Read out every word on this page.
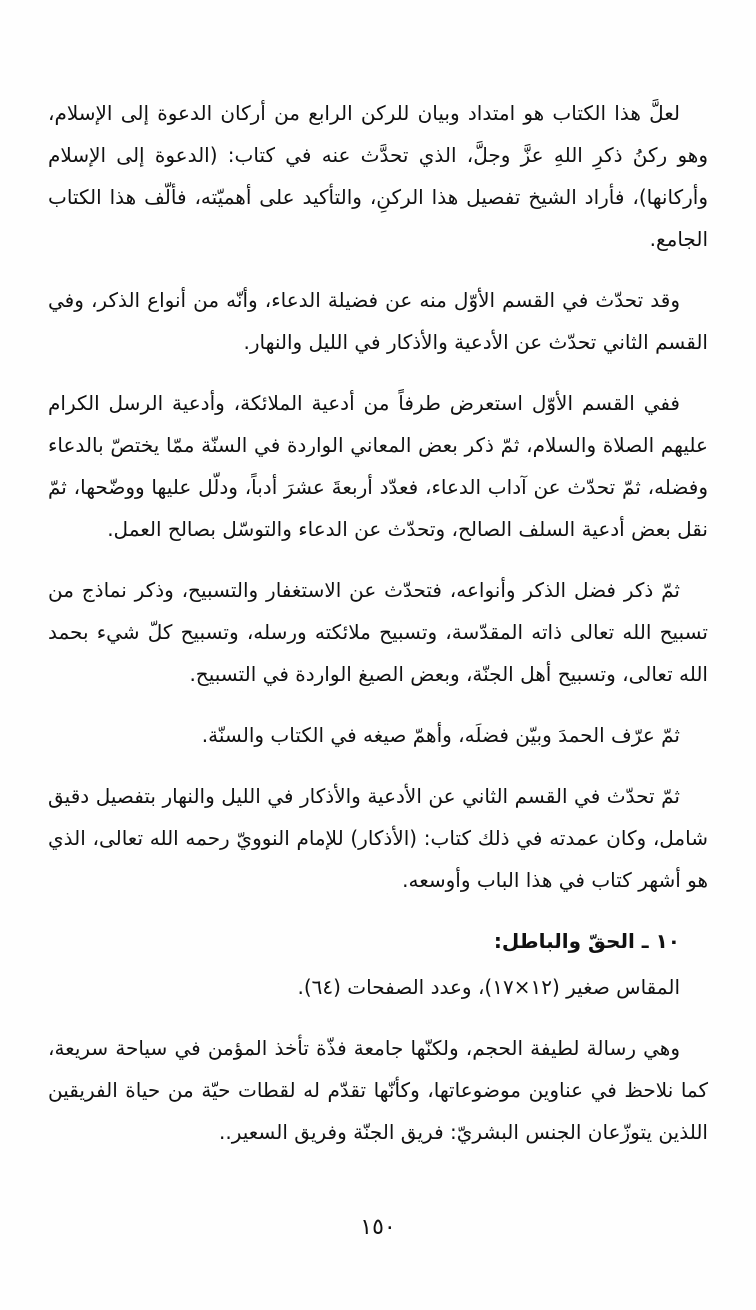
لعلَّ هذا الكتاب هو امتداد وبيان للركن الرابع من أركان الدعوة إلى الإسلام، وهو ركنُ ذكرِ اللهِ عزَّ وجلَّ، الذي تحدَّث عنه في كتاب: (الدعوة إلى الإسلام وأركانها)، فأراد الشيخ تفصيل هذا الركنِ، والتأكيد على أهميّته، فألّف هذا الكتاب الجامع.

وقد تحدّث في القسم الأوّل منه عن فضيلة الدعاء، وأنّه من أنواع الذكر، وفي القسم الثاني تحدّث عن الأدعية والأذكار في الليل والنهار.

ففي القسم الأوّل استعرض طرفاً من أدعية الملائكة، وأدعية الرسل الكرام عليهم الصلاة والسلام، ثمّ ذكر بعض المعاني الواردة في السنّة ممّا يختصّ بالدعاء وفضله، ثمّ تحدّث عن آداب الدعاء، فعدّد أربعةَ عشرَ أدباً، ودلّل عليها ووضّحها، ثمّ نقل بعض أدعية السلف الصالح، وتحدّث عن الدعاء والتوسّل بصالح العمل.

ثمّ ذكر فضل الذكر وأنواعه، فتحدّث عن الاستغفار والتسبيح، وذكر نماذج من تسبيح الله تعالى ذاته المقدّسة، وتسبيح ملائكته ورسله، وتسبيح كلّ شيء بحمد الله تعالى، وتسبيح أهل الجنّة، وبعض الصيغ الواردة في التسبيح.

ثمّ عرّف الحمدَ وبيّن فضلَه، وأهمّ صيغه في الكتاب والسنّة.

ثمّ تحدّث في القسم الثاني عن الأدعية والأذكار في الليل والنهار بتفصيل دقيق شامل، وكان عمدته في ذلك كتاب: (الأذكار) للإمام النوويّ رحمه الله تعالى، الذي هو أشهر كتاب في هذا الباب وأوسعه.

١٠ ـ الحقّ والباطل:

المقاس صغير (١٢×١٧)، وعدد الصفحات (٦٤).

وهي رسالة لطيفة الحجم، ولكنّها جامعة فذّة تأخذ المؤمن في سياحة سريعة، كما نلاحظ في عناوين موضوعاتها، وكأنّها تقدّم له لقطات حيّة من حياة الفريقين اللذين يتوزّعان الجنس البشريّ: فريق الجنّة وفريق السعير..

١٥٠
